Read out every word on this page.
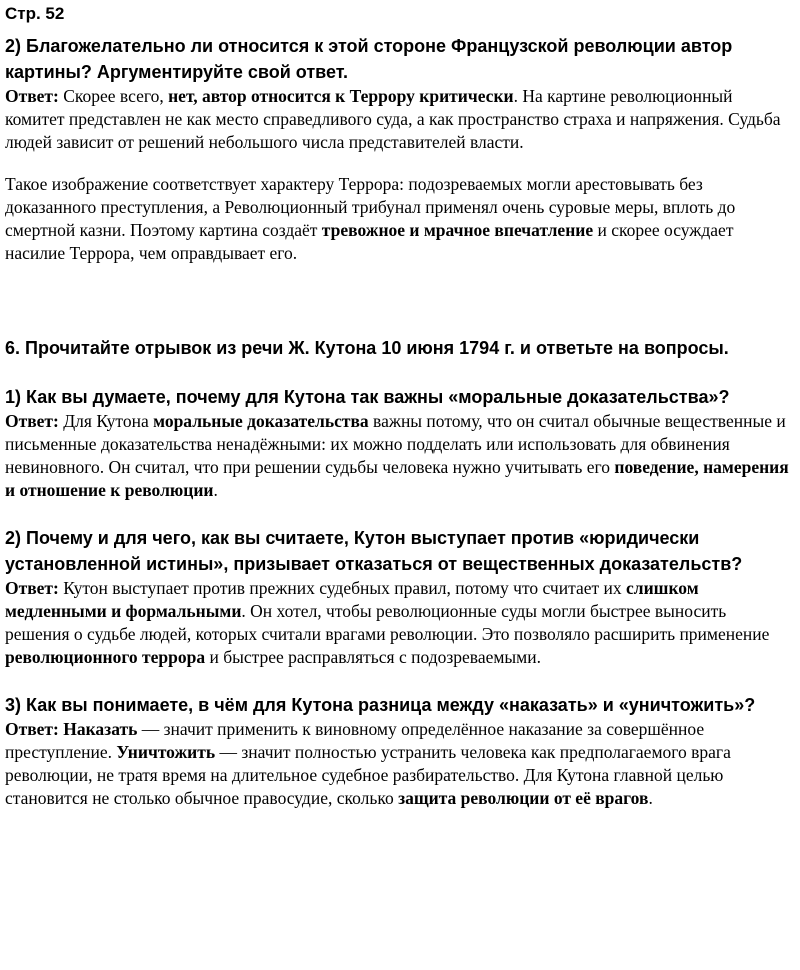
Стр. 52
2) Благожелательно ли относится к этой стороне Французской революции автор картины? Аргументируйте свой ответ.

Ответ: Скорее всего, нет, автор относится к Террору критически. На картине революционный комитет представлен не как место справедливого суда, а как пространство страха и напряжения. Судьба людей зависит от решений небольшого числа представителей власти.

Такое изображение соответствует характеру Террора: подозреваемых могли арестовывать без доказанного преступления, а Революционный трибунал применял очень суровые меры, вплоть до смертной казни. Поэтому картина создаёт тревожное и мрачное впечатление и скорее осуждает насилие Террора, чем оправдывает его.

6. Прочитайте отрывок из речи Ж. Кутона 10 июня 1794 г. и ответьте на вопросы.
1) Как вы думаете, почему для Кутона так важны «моральные доказательства»?

Ответ: Для Кутона моральные доказательства важны потому, что он считал обычные вещественные и письменные доказательства ненадёжными: их можно подделать или использовать для обвинения невиновного. Он считал, что при решении судьбы человека нужно учитывать его поведение, намерения и отношение к революции.

2) Почему и для чего, как вы считаете, Кутон выступает против «юридически установленной истины», призывает отказаться от вещественных доказательств?

Ответ: Кутон выступает против прежних судебных правил, потому что считает их слишком медленными и формальными. Он хотел, чтобы революционные суды могли быстрее выносить решения о судьбе людей, которых считали врагами революции. Это позволяло расширить применение революционного террора и быстрее расправляться с подозреваемыми.

3) Как вы понимаете, в чём для Кутона разница между «наказать» и «уничтожить»?

Ответ: Наказать — значит применить к виновному определённое наказание за совершённое преступление. Уничтожить — значит полностью устранить человека как предполагаемого врага революции, не тратя время на длительное судебное разбирательство. Для Кутона главной целью становится не столько обычное правосудие, сколько защита революции от её врагов.
